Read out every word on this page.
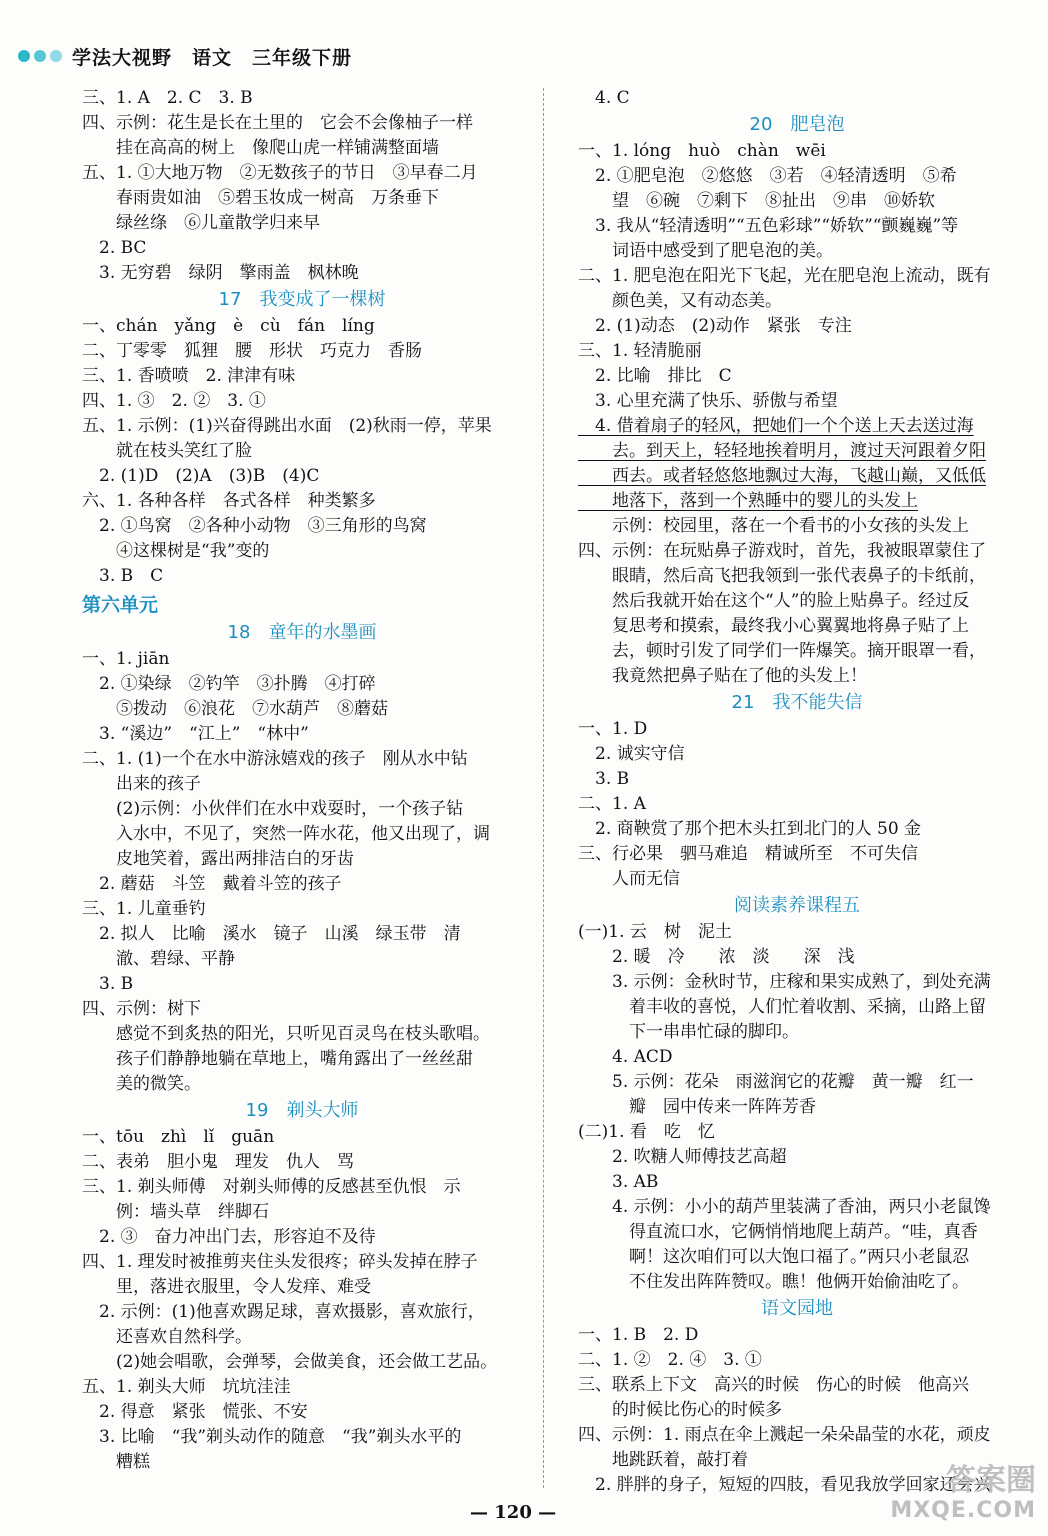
学法大视野　语文　三年级下册
三、1. A　2. C　3. B
四、示例：花生是长在土里的　它会不会像柚子一样
　　挂在高高的树上　像爬山虎一样铺满整面墙
五、1. ①大地万物　②无数孩子的节日　③早春二月
　　春雨贵如油　⑤碧玉妆成一树高　万条垂下
　　绿丝绦　⑥儿童散学归来早
　2. BC
　3. 无穷碧　绿阴　擎雨盖　枫林晚
17　我变成了一棵树
一、chán　yǎng　è　cù　fán　líng
二、丁零零　狐狸　腰　形状　巧克力　香肠
三、1. 香喷喷　2. 津津有味
四、1. ③　2. ②　3. ①
五、1. 示例：(1)兴奋得跳出水面　(2)秋雨一停，苹果
　　就在枝头笑红了脸
　2. (1)D　(2)A　(3)B　(4)C
六、1. 各种各样　各式各样　种类繁多
　2. ①鸟窝　②各种小动物　③三角形的鸟窝
　　④这棵树是“我”变的
　3. B　C
第六单元
18　童年的水墨画
一、1. jiān
　2. ①染绿　②钓竿　③扑腾　④打碎
　　⑤拨动　⑥浪花　⑦水葫芦　⑧蘑菇
　3. “溪边”　“江上”　“林中”
二、1. (1)一个在水中游泳嬉戏的孩子　刚从水中钻
　　出来的孩子
　　(2)示例：小伙伴们在水中戏耍时，一个孩子钻
　　入水中，不见了，突然一阵水花，他又出现了，调
　　皮地笑着，露出两排洁白的牙齿
　2. 蘑菇　斗笠　戴着斗笠的孩子
三、1. 儿童垂钓
　2. 拟人　比喻　溪水　镜子　山溪　绿玉带　清
　　澈、碧绿、平静
　3. B
四、示例：树下
　　感觉不到炙热的阳光，只听见百灵鸟在枝头歌唱。
　　孩子们静静地躺在草地上，嘴角露出了一丝丝甜
　　美的微笑。
19　剃头大师
一、tōu　zhì　lǐ　guān
二、表弟　胆小鬼　理发　仇人　骂
三、1. 剃头师傅　对剃头师傅的反感甚至仇恨　示
　　例：墙头草　绊脚石
　2. ③　奋力冲出门去，形容迫不及待
四、1. 理发时被推剪夹住头发很疼；碎头发掉在脖子
　　里，落进衣服里，令人发痒、难受
　2. 示例：(1)他喜欢踢足球，喜欢摄影，喜欢旅行，
　　还喜欢自然科学。
　　(2)她会唱歌，会弹琴，会做美食，还会做工艺品。
五、1. 剃头大师　坑坑洼洼
　2. 得意　紧张　慌张、不安
　3. 比喻　“我”剃头动作的随意　“我”剃头水平的
　　糟糕
　4. C
20　肥皂泡
一、1. lóng　huò　chàn　wēi
　2. ①肥皂泡　②悠悠　③若　④轻清透明　⑤希
　　望　⑥碗　⑦剩下　⑧扯出　⑨串　⑩娇软
　3. 我从“轻清透明”“五色彩球”“娇软”“颤巍巍”等
　　词语中感受到了肥皂泡的美。
二、1. 肥皂泡在阳光下飞起，光在肥皂泡上流动，既有
　　颜色美，又有动态美。
　2. (1)动态　(2)动作　紧张　专注
三、1. 轻清脆丽
　2. 比喻　排比　C
　3. 心里充满了快乐、骄傲与希望
　4. 借着扇子的轻风，把她们一个个送上天去送过海
　　去。到天上，轻轻地挨着明月，渡过天河跟着夕阳
　　西去。或者轻悠悠地飘过大海，飞越山巅，又低低
　　地落下，落到一个熟睡中的婴儿的头发上
　　示例：校园里，落在一个看书的小女孩的头发上
四、示例：在玩贴鼻子游戏时，首先，我被眼罩蒙住了
　　眼睛，然后高飞把我领到一张代表鼻子的卡纸前，
　　然后我就开始在这个“人”的脸上贴鼻子。经过反
　　复思考和摸索，最终我小心翼翼地将鼻子贴了上
　　去，顿时引发了同学们一阵爆笑。摘开眼罩一看，
　　我竟然把鼻子贴在了他的头发上！
21　我不能失信
一、1. D
　2. 诚实守信
　3. B
二、1. A
　2. 商鞅赏了那个把木头扛到北门的人 50 金
三、行必果　驷马难追　精诚所至　不可失信
　　人而无信
阅读素养课程五
(一)1. 云　树　泥土
　　2. 暖　冷　　浓　淡　　深　浅
　　3. 示例：金秋时节，庄稼和果实成熟了，到处充满
　　　着丰收的喜悦，人们忙着收割、采摘，山路上留
　　　下一串串忙碌的脚印。
　　4. ACD
　　5. 示例：花朵　雨滋润它的花瓣　黄一瓣　红一
　　　瓣　园中传来一阵阵芳香
(二)1. 看　吃　忆
　　2. 吹糖人师傅技艺高超
　　3. AB
　　4. 示例：小小的葫芦里装满了香油，两只小老鼠馋
　　　得直流口水，它俩悄悄地爬上葫芦。“哇，真香
　　　啊！这次咱们可以大饱口福了。”两只小老鼠忍
　　　不住发出阵阵赞叹。瞧！他俩开始偷油吃了。
语文园地
一、1. B　2. D
二、1. ②　2. ④　3. ①
三、联系上下文　高兴的时候　伤心的时候　他高兴
　　的时候比伤心的时候多
四、示例：1. 雨点在伞上溅起一朵朵晶莹的水花，顽皮
　　地跳跃着，敲打着
　2. 胖胖的身子，短短的四肢，看见我放学回家还会兴
— 120 —
答案圈
MXQE.COM
